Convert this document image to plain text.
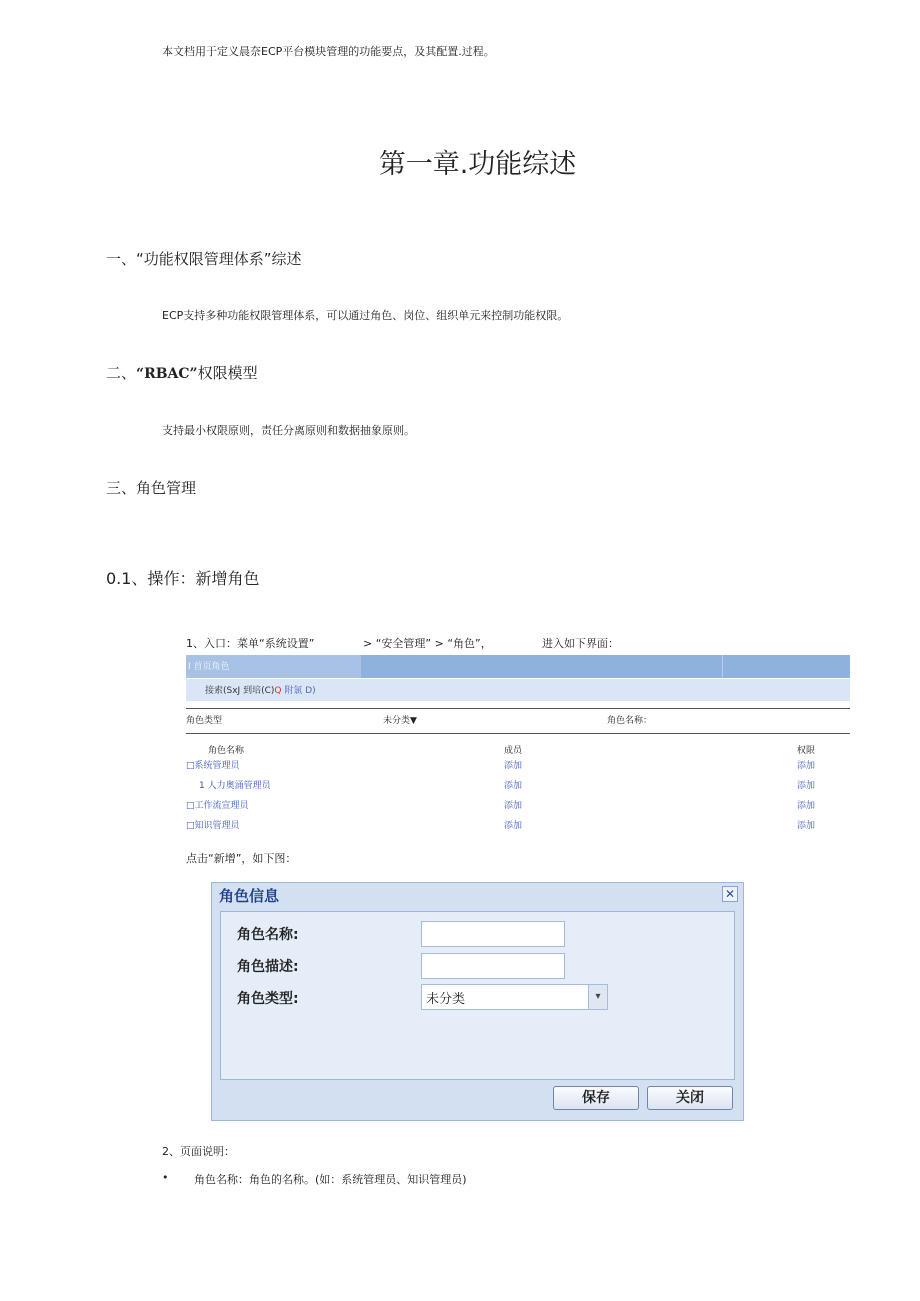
本文档用于定义晨奈ECP平台模块管理的功能要点，及其配置.过程。

第一章.功能综述
一、“功能权限管理体系”综述

ECP支持多种功能权限管理体系，可以通过角色、岗位、组织单元来控制功能权限。

二、“RBAC”权限模型

支持最小权限原则，责任分离原则和数据抽象原则。

三、角色管理
0.1、操作：新增角色
1、入口：菜单“系统设置”	> “安全管理” > “角色”，	进入如下界面：
I 首页角色
接索(SxJ 到培(C)Q 附氯 D)
角色类型	未分类▼	角色名称：
角色名称	成员	权限
□系统管理员	添加	添加
1 人力奥涌管理员	添加	添加
□工作流宣理员	添加	添加
□知识管理员	添加	添加

点击“新增”，如下图：

角色信息	✕
角色名称:
角色描述:
角色类型:	未分类	▾
保存	关闭

2、页面说明：

• 角色名称：角色的名称。(如：系统管理员、知识管理员)
